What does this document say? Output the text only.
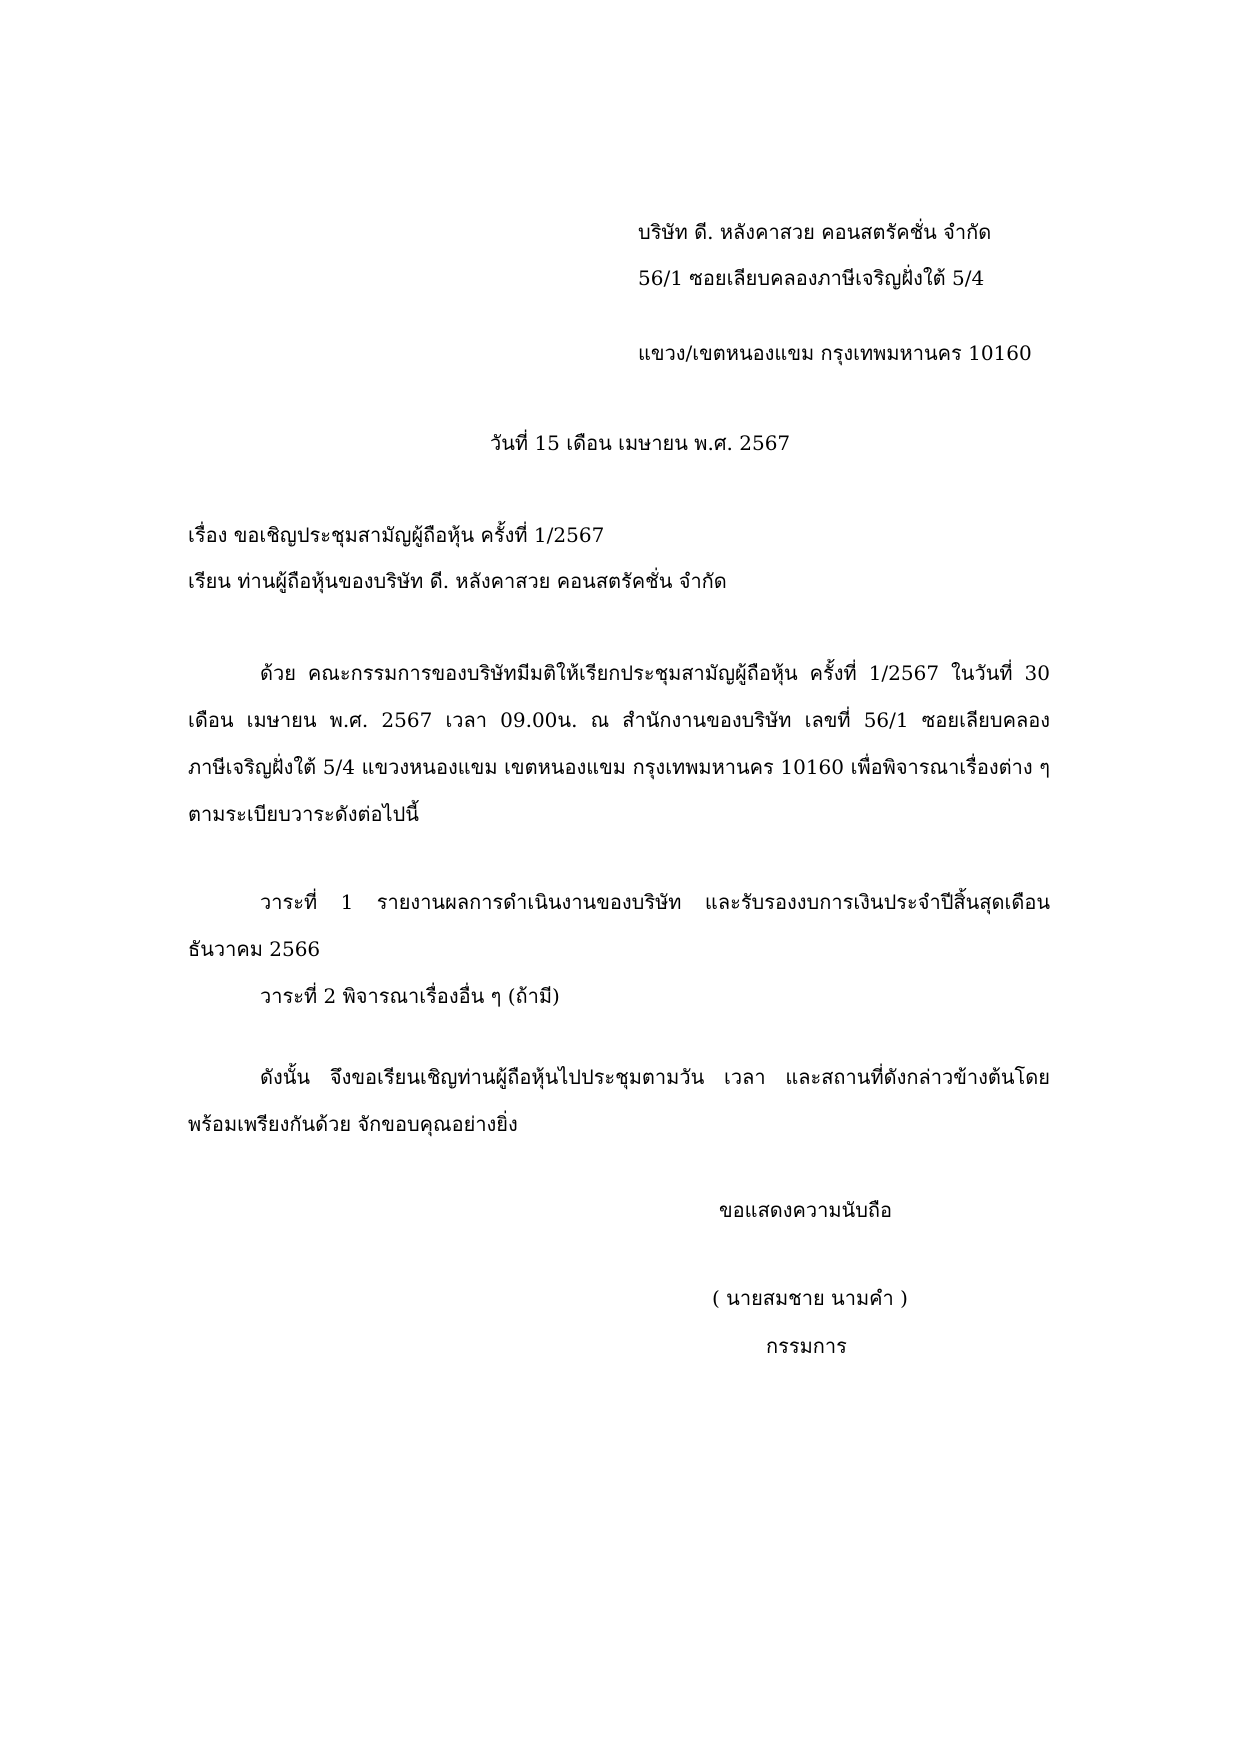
บริษัท ดี. หลังคาสวย คอนสตรัคชั่น จำกัด
56/1 ซอยเลียบคลองภาษีเจริญฝั่งใต้ 5/4
แขวง/เขตหนองแขม กรุงเทพมหานคร 10160
วันที่ 15 เดือน เมษายน พ.ศ. 2567
เรื่อง ขอเชิญประชุมสามัญผู้ถือหุ้น ครั้งที่ 1/2567
เรียน ท่านผู้ถือหุ้นของบริษัท ดี. หลังคาสวย คอนสตรัคชั่น จำกัด
ด้วย คณะกรรมการของบริษัทมีมติให้เรียกประชุมสามัญผู้ถือหุ้น ครั้งที่ 1/2567 ในวันที่ 30 เดือน เมษายน พ.ศ. 2567 เวลา 09.00น. ณ สำนักงานของบริษัท เลขที่ 56/1 ซอยเลียบคลองภาษีเจริญฝั่งใต้ 5/4 แขวงหนองแขม เขตหนองแขม กรุงเทพมหานคร 10160 เพื่อพิจารณาเรื่องต่าง ๆ ตามระเบียบวาระดังต่อไปนี้
วาระที่ 1 รายงานผลการดำเนินงานของบริษัท และรับรองงบการเงินประจำปีสิ้นสุดเดือน ธันวาคม 2566
วาระที่ 2 พิจารณาเรื่องอื่น ๆ (ถ้ามี)
ดังนั้น จึงขอเรียนเชิญท่านผู้ถือหุ้นไปประชุมตามวัน เวลา และสถานที่ดังกล่าวข้างต้นโดยพร้อมเพรียงกันด้วย จักขอบคุณอย่างยิ่ง
ขอแสดงความนับถือ
( นายสมชาย นามคำ )
กรรมการ
